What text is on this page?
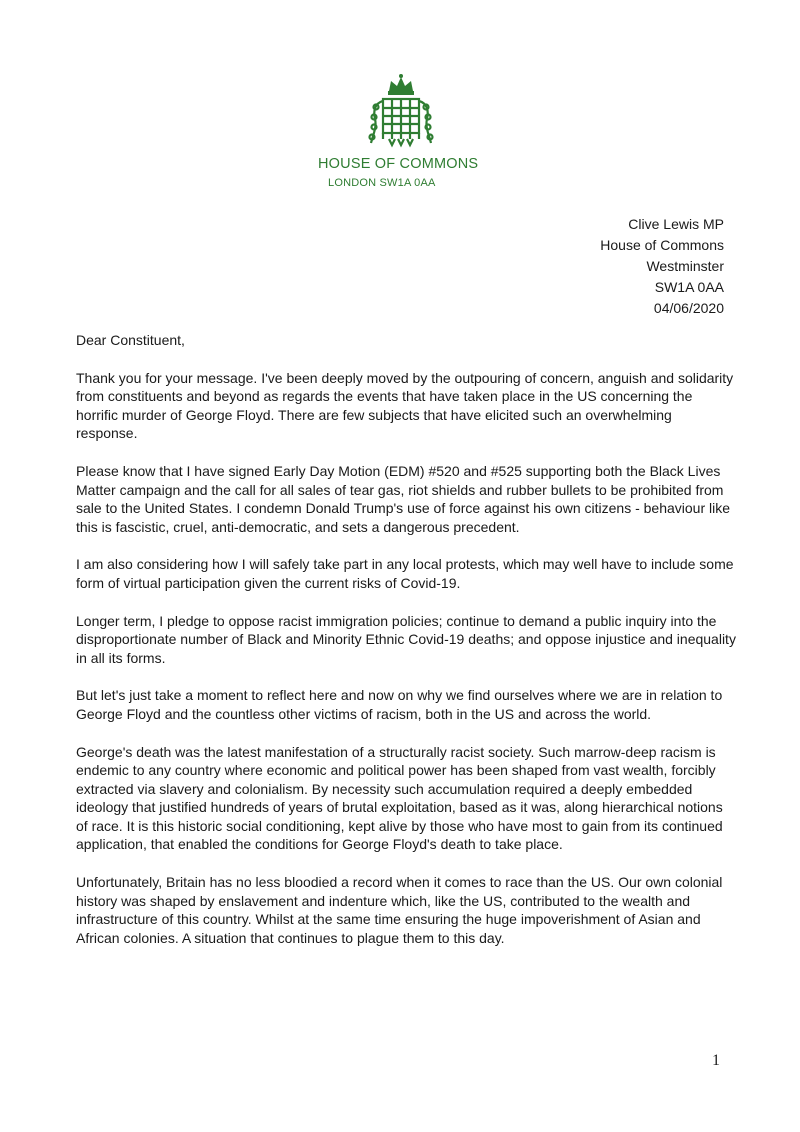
HOUSE OF COMMONS
LONDON SW1A 0AA
Clive Lewis MP
House of Commons
Westminster
SW1A 0AA
04/06/2020

Dear Constituent,

Thank you for your message. I've been deeply moved by the outpouring of concern, anguish and solidarity from constituents and beyond as regards the events that have taken place in the US concerning the horrific murder of George Floyd. There are few subjects that have elicited such an overwhelming response.

Please know that I have signed Early Day Motion (EDM) #520 and #525 supporting both the Black Lives Matter campaign and the call for all sales of tear gas, riot shields and rubber bullets to be prohibited from sale to the United States. I condemn Donald Trump's use of force against his own citizens - behaviour like this is fascistic, cruel, anti-democratic, and sets a dangerous precedent.

I am also considering how I will safely take part in any local protests, which may well have to include some form of virtual participation given the current risks of Covid-19.

Longer term, I pledge to oppose racist immigration policies; continue to demand a public inquiry into the disproportionate number of Black and Minority Ethnic Covid-19 deaths; and oppose injustice and inequality in all its forms.

But let's just take a moment to reflect here and now on why we find ourselves where we are in relation to George Floyd and the countless other victims of racism, both in the US and across the world.

George's death was the latest manifestation of a structurally racist society. Such marrow-deep racism is endemic to any country where economic and political power has been shaped from vast wealth, forcibly extracted via slavery and colonialism. By necessity such accumulation required a deeply embedded ideology that justified hundreds of years of brutal exploitation, based as it was, along hierarchical notions of race. It is this historic social conditioning, kept alive by those who have most to gain from its continued application, that enabled the conditions for George Floyd's death to take place.

Unfortunately, Britain has no less bloodied a record when it comes to race than the US. Our own colonial history was shaped by enslavement and indenture which, like the US, contributed to the wealth and infrastructure of this country. Whilst at the same time ensuring the huge impoverishment of Asian and African colonies. A situation that continues to plague them to this day.

1
